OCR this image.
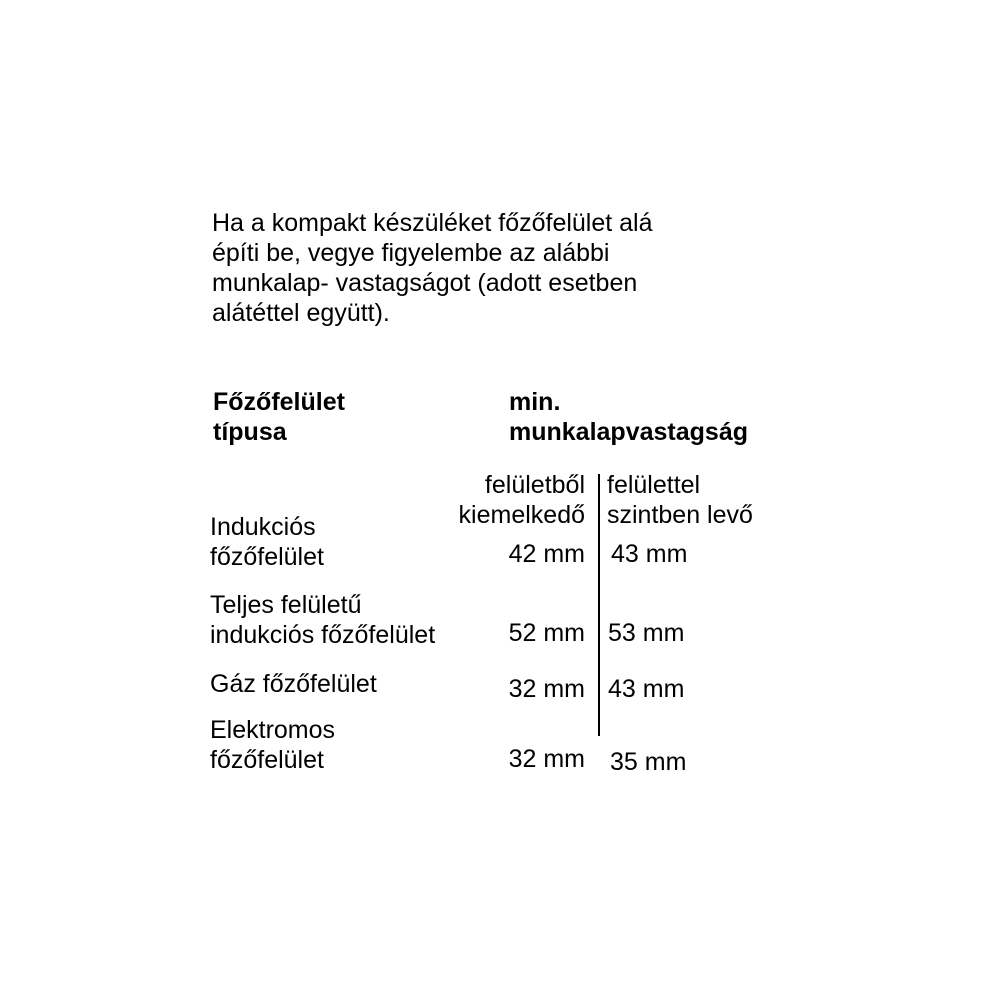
Ha a kompakt készüléket főzőfelület alá
építi be, vegye figyelembe az alábbi
munkalap- vastagságot (adott esetben
alátéttel együtt).
Főzőfelület
típusa
min.
munkalapvastagság
felületből
kiemelkedő
felülettel
szintben levő
Indukciós
főzőfelület	42 mm 43 mm
Teljes felületű
indukciós főzőfelület	52 mm 53 mm
Gáz főzőfelület	32 mm 43 mm
Elektromos
főzőfelület	32 mm 35 mm
